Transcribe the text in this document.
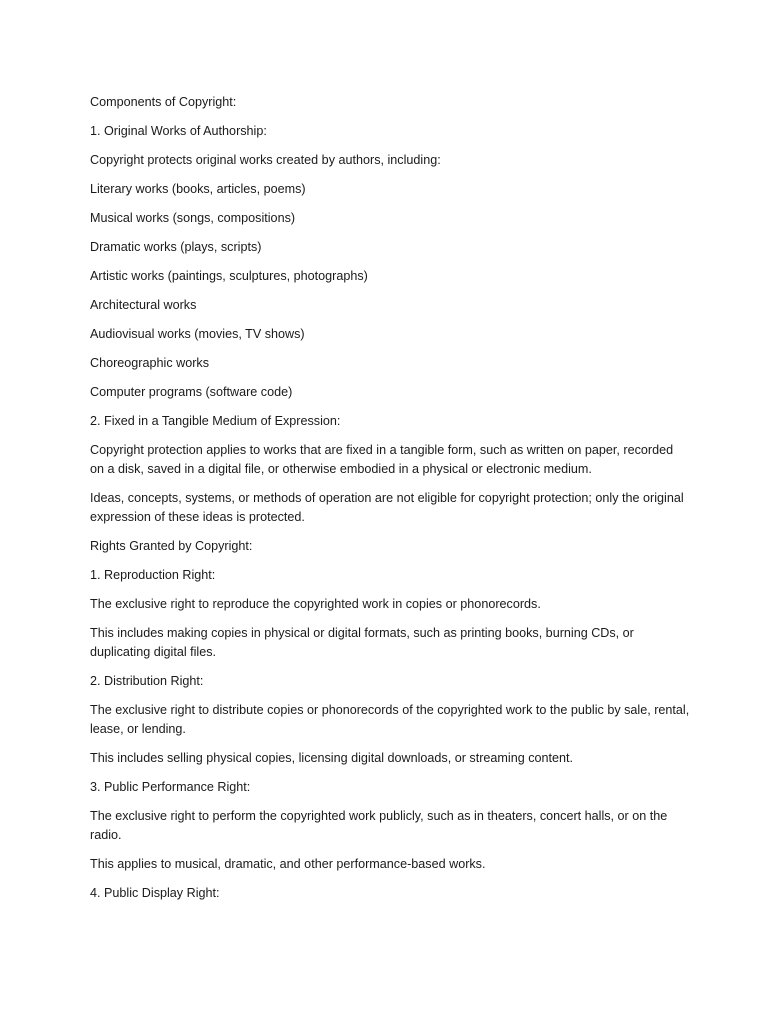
Components of Copyright:

1. Original Works of Authorship:

Copyright protects original works created by authors, including:

Literary works (books, articles, poems)

Musical works (songs, compositions)

Dramatic works (plays, scripts)

Artistic works (paintings, sculptures, photographs)

Architectural works

Audiovisual works (movies, TV shows)

Choreographic works

Computer programs (software code)

2. Fixed in a Tangible Medium of Expression:

Copyright protection applies to works that are fixed in a tangible form, such as written on paper, recorded on a disk, saved in a digital file, or otherwise embodied in a physical or electronic medium.

Ideas, concepts, systems, or methods of operation are not eligible for copyright protection; only the original expression of these ideas is protected.

Rights Granted by Copyright:

1. Reproduction Right:

The exclusive right to reproduce the copyrighted work in copies or phonorecords.

This includes making copies in physical or digital formats, such as printing books, burning CDs, or duplicating digital files.

2. Distribution Right:

The exclusive right to distribute copies or phonorecords of the copyrighted work to the public by sale, rental, lease, or lending.

This includes selling physical copies, licensing digital downloads, or streaming content.

3. Public Performance Right:

The exclusive right to perform the copyrighted work publicly, such as in theaters, concert halls, or on the radio.

This applies to musical, dramatic, and other performance-based works.

4. Public Display Right:
